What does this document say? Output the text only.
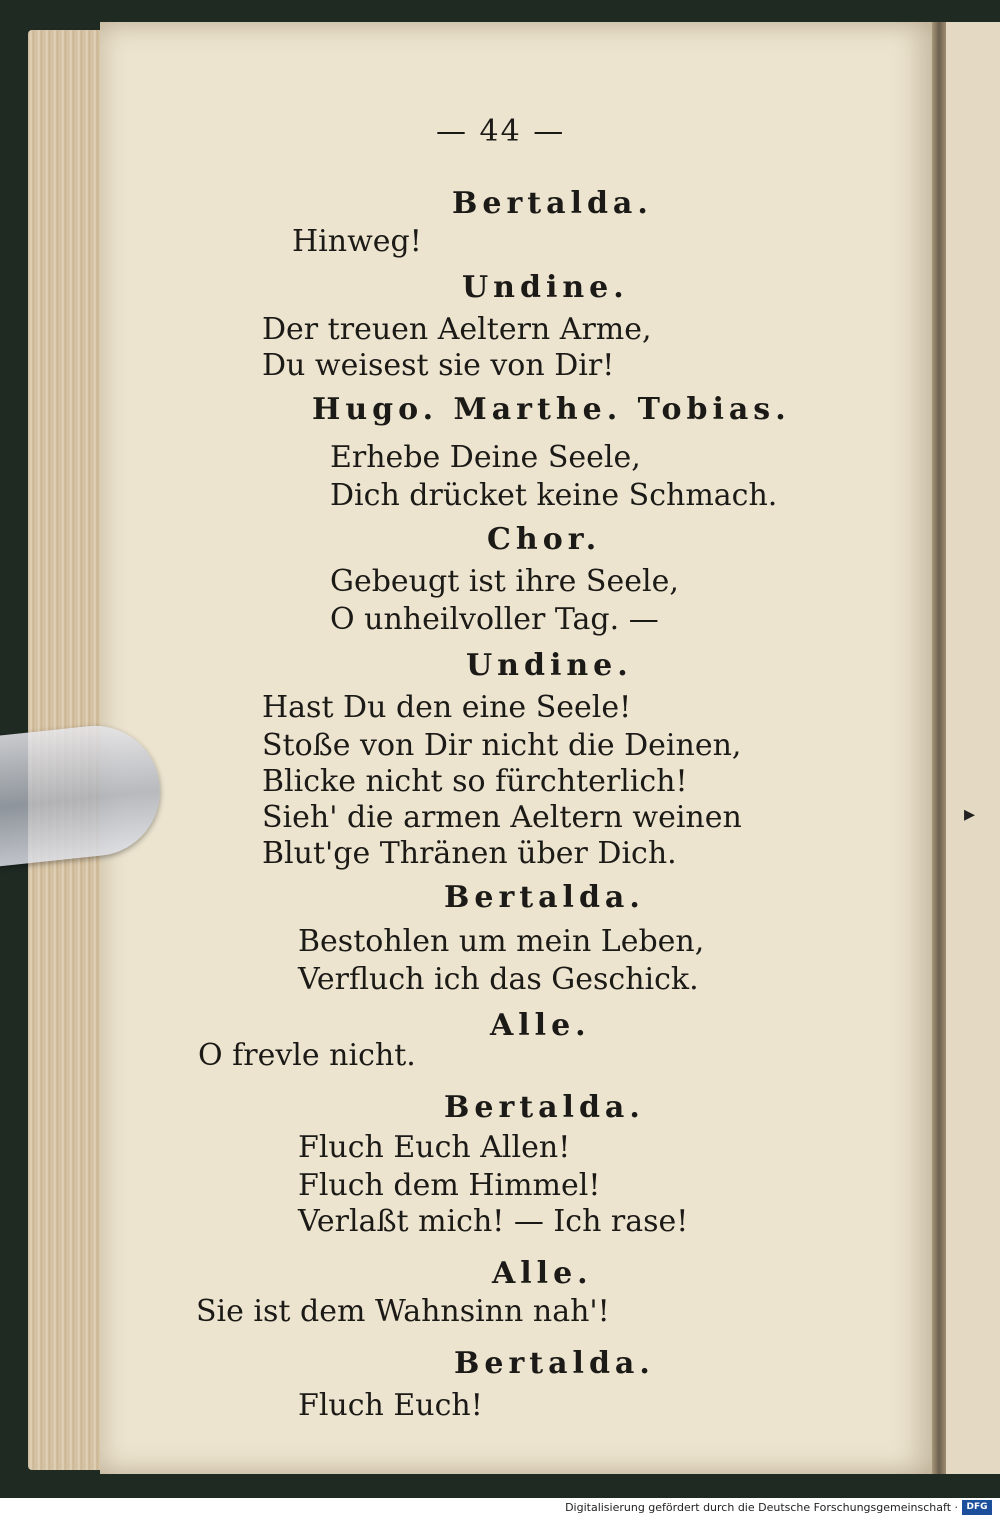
▸
— 44 —
Bertalda.
Hinweg!
Undine.
Der treuen Aeltern Arme,
Du weisest sie von Dir!
Hugo. Marthe. Tobias.
Erhebe Deine Seele,
Dich drücket keine Schmach.
Chor.
Gebeugt ist ihre Seele,
O unheilvoller Tag. —
Undine.
Hast Du den eine Seele!
Stoße von Dir nicht die Deinen,
Blicke nicht so fürchterlich!
Sieh' die armen Aeltern weinen
Blut'ge Thränen über Dich.
Bertalda.
Bestohlen um mein Leben,
Verfluch ich das Geschick.
Alle.
O frevle nicht.
Bertalda.
Fluch Euch Allen!
Fluch dem Himmel!
Verlaßt mich! — Ich rase!
Alle.
Sie ist dem Wahnsinn nah'!
Bertalda.
Fluch Euch!
Digitalisierung gefördert durch die Deutsche Forschungsgemeinschaft · DFG
